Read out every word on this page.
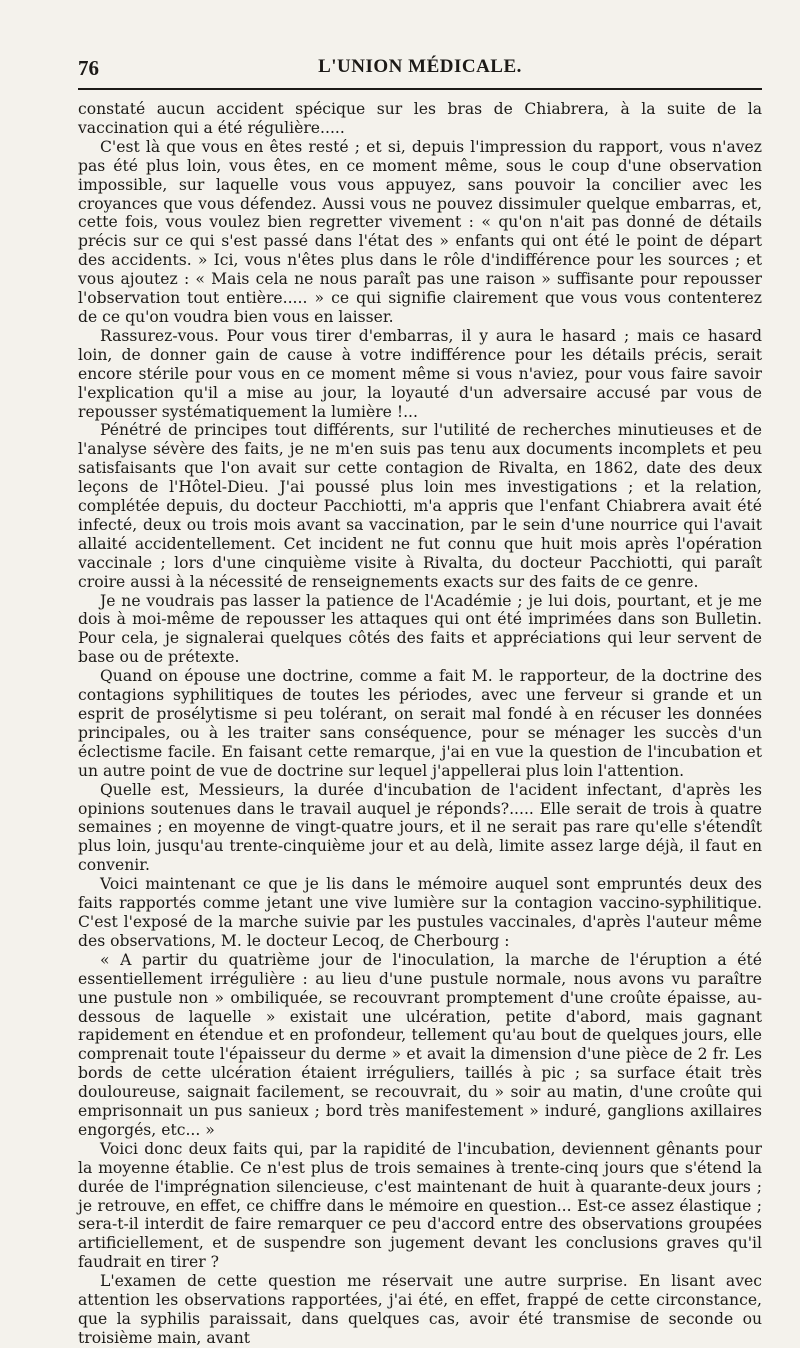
76	L'UNION MÉDICALE.

constaté aucun accident spécique sur les bras de Chiabrera, à la suite de la vaccination qui a été régulière.....

C'est là que vous en êtes resté ; et si, depuis l'impression du rapport, vous n'avez pas été plus loin, vous êtes, en ce moment même, sous le coup d'une observation impossible, sur laquelle vous vous appuyez, sans pouvoir la concilier avec les croyances que vous défendez. Aussi vous ne pouvez dissimuler quelque embarras, et, cette fois, vous voulez bien regretter vivement : « qu'on n'ait pas donné de détails précis sur ce qui s'est passé dans l'état des » enfants qui ont été le point de départ des accidents. » Ici, vous n'êtes plus dans le rôle d'indifférence pour les sources ; et vous ajoutez : « Mais cela ne nous paraît pas une raison » suffisante pour repousser l'observation tout entière..... » ce qui signifie clairement que vous vous contenterez de ce qu'on voudra bien vous en laisser.

Rassurez-vous. Pour vous tirer d'embarras, il y aura le hasard ; mais ce hasard loin, de donner gain de cause à votre indifférence pour les détails précis, serait encore stérile pour vous en ce moment même si vous n'aviez, pour vous faire savoir l'explication qu'il a mise au jour, la loyauté d'un adversaire accusé par vous de repousser systématiquement la lumière !...

Pénétré de principes tout différents, sur l'utilité de recherches minutieuses et de l'analyse sévère des faits, je ne m'en suis pas tenu aux documents incomplets et peu satisfaisants que l'on avait sur cette contagion de Rivalta, en 1862, date des deux leçons de l'Hôtel-Dieu. J'ai poussé plus loin mes investigations ; et la relation, complétée depuis, du docteur Pacchiotti, m'a appris que l'enfant Chiabrera avait été infecté, deux ou trois mois avant sa vaccination, par le sein d'une nourrice qui l'avait allaité accidentellement. Cet incident ne fut connu que huit mois après l'opération vaccinale ; lors d'une cinquième visite à Rivalta, du docteur Pacchiotti, qui paraît croire aussi à la nécessité de renseignements exacts sur des faits de ce genre.

Je ne voudrais pas lasser la patience de l'Académie ; je lui dois, pourtant, et je me dois à moi-même de repousser les attaques qui ont été imprimées dans son Bulletin. Pour cela, je signalerai quelques côtés des faits et appréciations qui leur servent de base ou de prétexte.

Quand on épouse une doctrine, comme a fait M. le rapporteur, de la doctrine des contagions syphilitiques de toutes les périodes, avec une ferveur si grande et un esprit de prosélytisme si peu tolérant, on serait mal fondé à en récuser les données principales, ou à les traiter sans conséquence, pour se ménager les succès d'un éclectisme facile. En faisant cette remarque, j'ai en vue la question de l'incubation et un autre point de vue de doctrine sur lequel j'appellerai plus loin l'attention.

Quelle est, Messieurs, la durée d'incubation de l'acident infectant, d'après les opinions soutenues dans le travail auquel je réponds?..... Elle serait de trois à quatre semaines ; en moyenne de vingt-quatre jours, et il ne serait pas rare qu'elle s'étendît plus loin, jusqu'au trente-cinquième jour et au delà, limite assez large déjà, il faut en convenir.

Voici maintenant ce que je lis dans le mémoire auquel sont empruntés deux des faits rapportés comme jetant une vive lumière sur la contagion vaccino-syphilitique. C'est l'exposé de la marche suivie par les pustules vaccinales, d'après l'auteur même des observations, M. le docteur Lecoq, de Cherbourg :

« A partir du quatrième jour de l'inoculation, la marche de l'éruption a été essentiellement irrégulière : au lieu d'une pustule normale, nous avons vu paraître une pustule non » ombiliquée, se recouvrant promptement d'une croûte épaisse, au-dessous de laquelle » existait une ulcération, petite d'abord, mais gagnant rapidement en étendue et en profondeur, tellement qu'au bout de quelques jours, elle comprenait toute l'épaisseur du derme » et avait la dimension d'une pièce de 2 fr. Les bords de cette ulcération étaient irréguliers, taillés à pic ; sa surface était très douloureuse, saignait facilement, se recouvrait, du » soir au matin, d'une croûte qui emprisonnait un pus sanieux ; bord très manifestement » induré, ganglions axillaires engorgés, etc... »

Voici donc deux faits qui, par la rapidité de l'incubation, deviennent gênants pour la moyenne établie. Ce n'est plus de trois semaines à trente-cinq jours que s'étend la durée de l'imprégnation silencieuse, c'est maintenant de huit à quarante-deux jours ; je retrouve, en effet, ce chiffre dans le mémoire en question... Est-ce assez élastique ; sera-t-il interdit de faire remarquer ce peu d'accord entre des observations groupées artificiellement, et de suspendre son jugement devant les conclusions graves qu'il faudrait en tirer ?

L'examen de cette question me réservait une autre surprise. En lisant avec attention les observations rapportées, j'ai été, en effet, frappé de cette circonstance, que la syphilis paraissait, dans quelques cas, avoir été transmise de seconde ou troisième main, avant
